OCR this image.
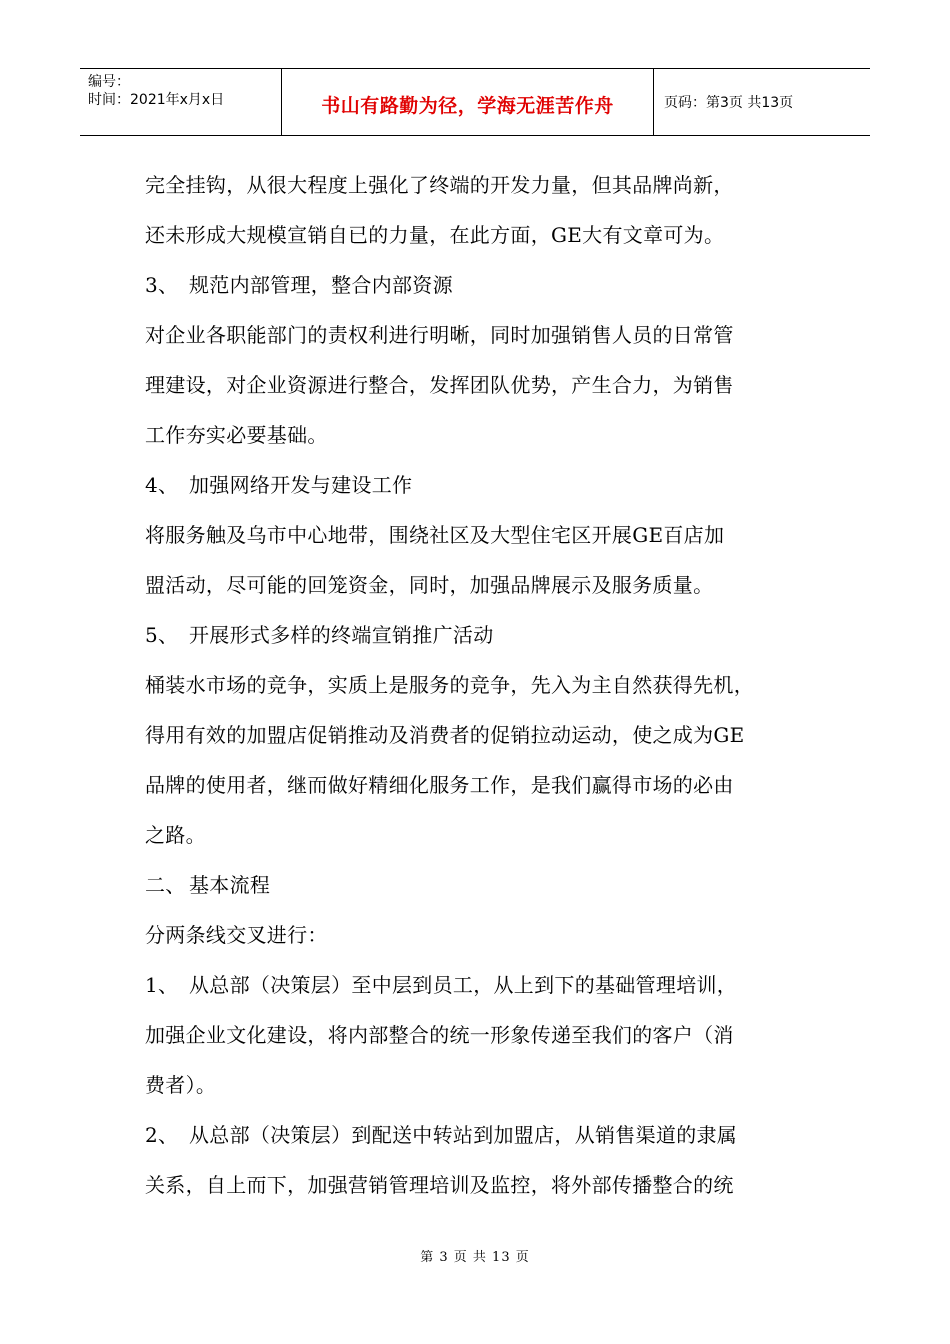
编号：
时间：2021年x月x日	书山有路勤为径，学海无涯苦作舟	页码：第3页 共13页
完全挂钩，从很大程度上强化了终端的开发力量，但其品牌尚新，
还未形成大规模宣销自已的力量，在此方面，GE大有文章可为。
3、 规范内部管理，整合内部资源
对企业各职能部门的责权利进行明晰，同时加强销售人员的日常管
理建设，对企业资源进行整合，发挥团队优势，产生合力，为销售
工作夯实必要基础。
4、 加强网络开发与建设工作
将服务触及乌市中心地带，围绕社区及大型住宅区开展GE百店加
盟活动，尽可能的回笼资金，同时，加强品牌展示及服务质量。
5、 开展形式多样的终端宣销推广活动
桶装水市场的竞争，实质上是服务的竞争，先入为主自然获得先机，
得用有效的加盟店促销推动及消费者的促销拉动运动，使之成为GE
品牌的使用者，继而做好精细化服务工作，是我们赢得市场的必由
之路。
二、 基本流程
分两条线交叉进行：
1、 从总部（决策层）至中层到员工，从上到下的基础管理培训，
加强企业文化建设，将内部整合的统一形象传递至我们的客户（消
费者）。
2、 从总部（决策层）到配送中转站到加盟店，从销售渠道的隶属
关系，自上而下，加强营销管理培训及监控，将外部传播整合的统
第 3 页 共 13 页
